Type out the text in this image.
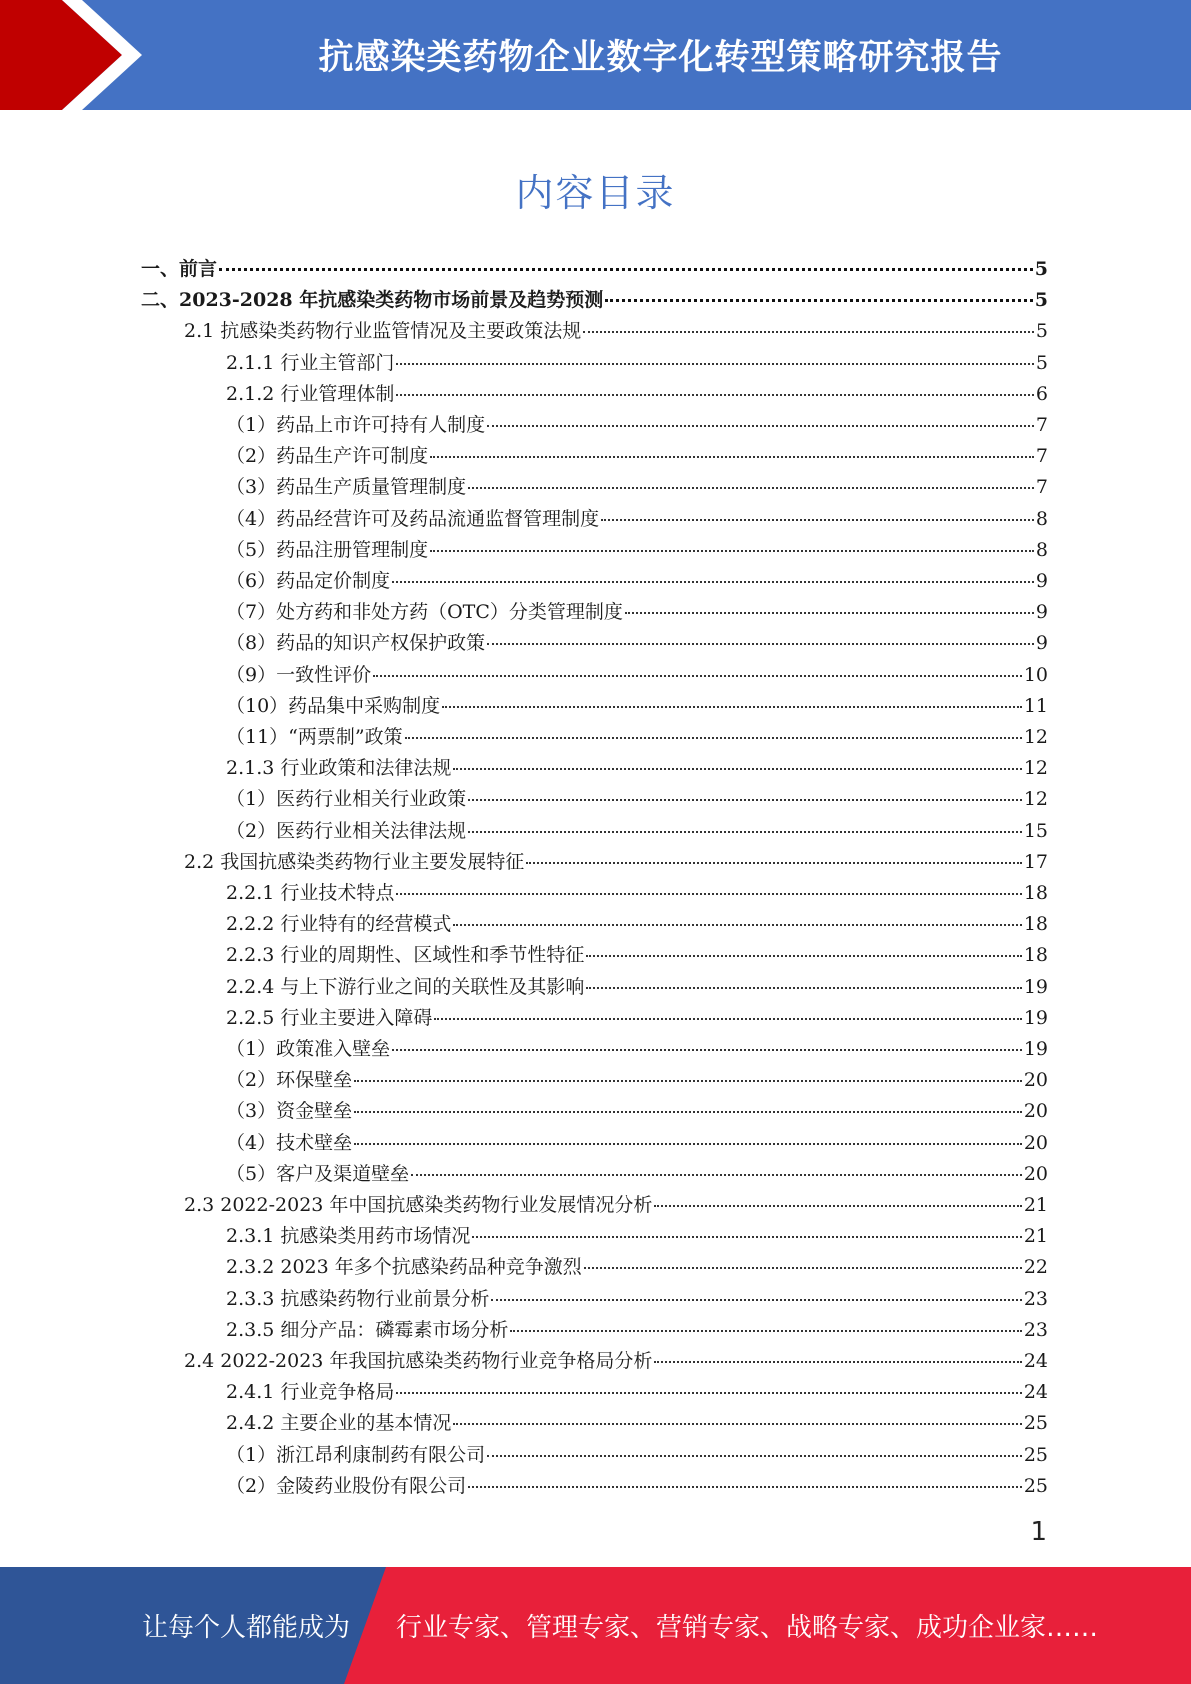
抗感染类药物企业数字化转型策略研究报告
内容目录
一、前言	5
二、2023-2028 年抗感染类药物市场前景及趋势预测	5
2.1 抗感染类药物行业监管情况及主要政策法规	5
2.1.1 行业主管部门	5
2.1.2 行业管理体制	6
（1）药品上市许可持有人制度	7
（2）药品生产许可制度	7
（3）药品生产质量管理制度	7
（4）药品经营许可及药品流通监督管理制度	8
（5）药品注册管理制度	8
（6）药品定价制度	9
（7）处方药和非处方药（OTC）分类管理制度	9
（8）药品的知识产权保护政策	9
（9）一致性评价	10
（10）药品集中采购制度	11
（11）“两票制”政策	12
2.1.3 行业政策和法律法规	12
（1）医药行业相关行业政策	12
（2）医药行业相关法律法规	15
2.2 我国抗感染类药物行业主要发展特征	17
2.2.1 行业技术特点	18
2.2.2 行业特有的经营模式	18
2.2.3 行业的周期性、区域性和季节性特征	18
2.2.4 与上下游行业之间的关联性及其影响	19
2.2.5 行业主要进入障碍	19
（1）政策准入壁垒	19
（2）环保壁垒	20
（3）资金壁垒	20
（4）技术壁垒	20
（5）客户及渠道壁垒	20
2.3 2022-2023 年中国抗感染类药物行业发展情况分析	21
2.3.1 抗感染类用药市场情况	21
2.3.2 2023 年多个抗感染药品种竞争激烈	22
2.3.3 抗感染药物行业前景分析	23
2.3.5 细分产品：磷霉素市场分析	23
2.4 2022-2023 年我国抗感染类药物行业竞争格局分析	24
2.4.1 行业竞争格局	24
2.4.2 主要企业的基本情况	25
（1）浙江昂利康制药有限公司	25
（2）金陵药业股份有限公司	25
1
让每个人都能成为 行业专家、管理专家、营销专家、战略专家、成功企业家……
